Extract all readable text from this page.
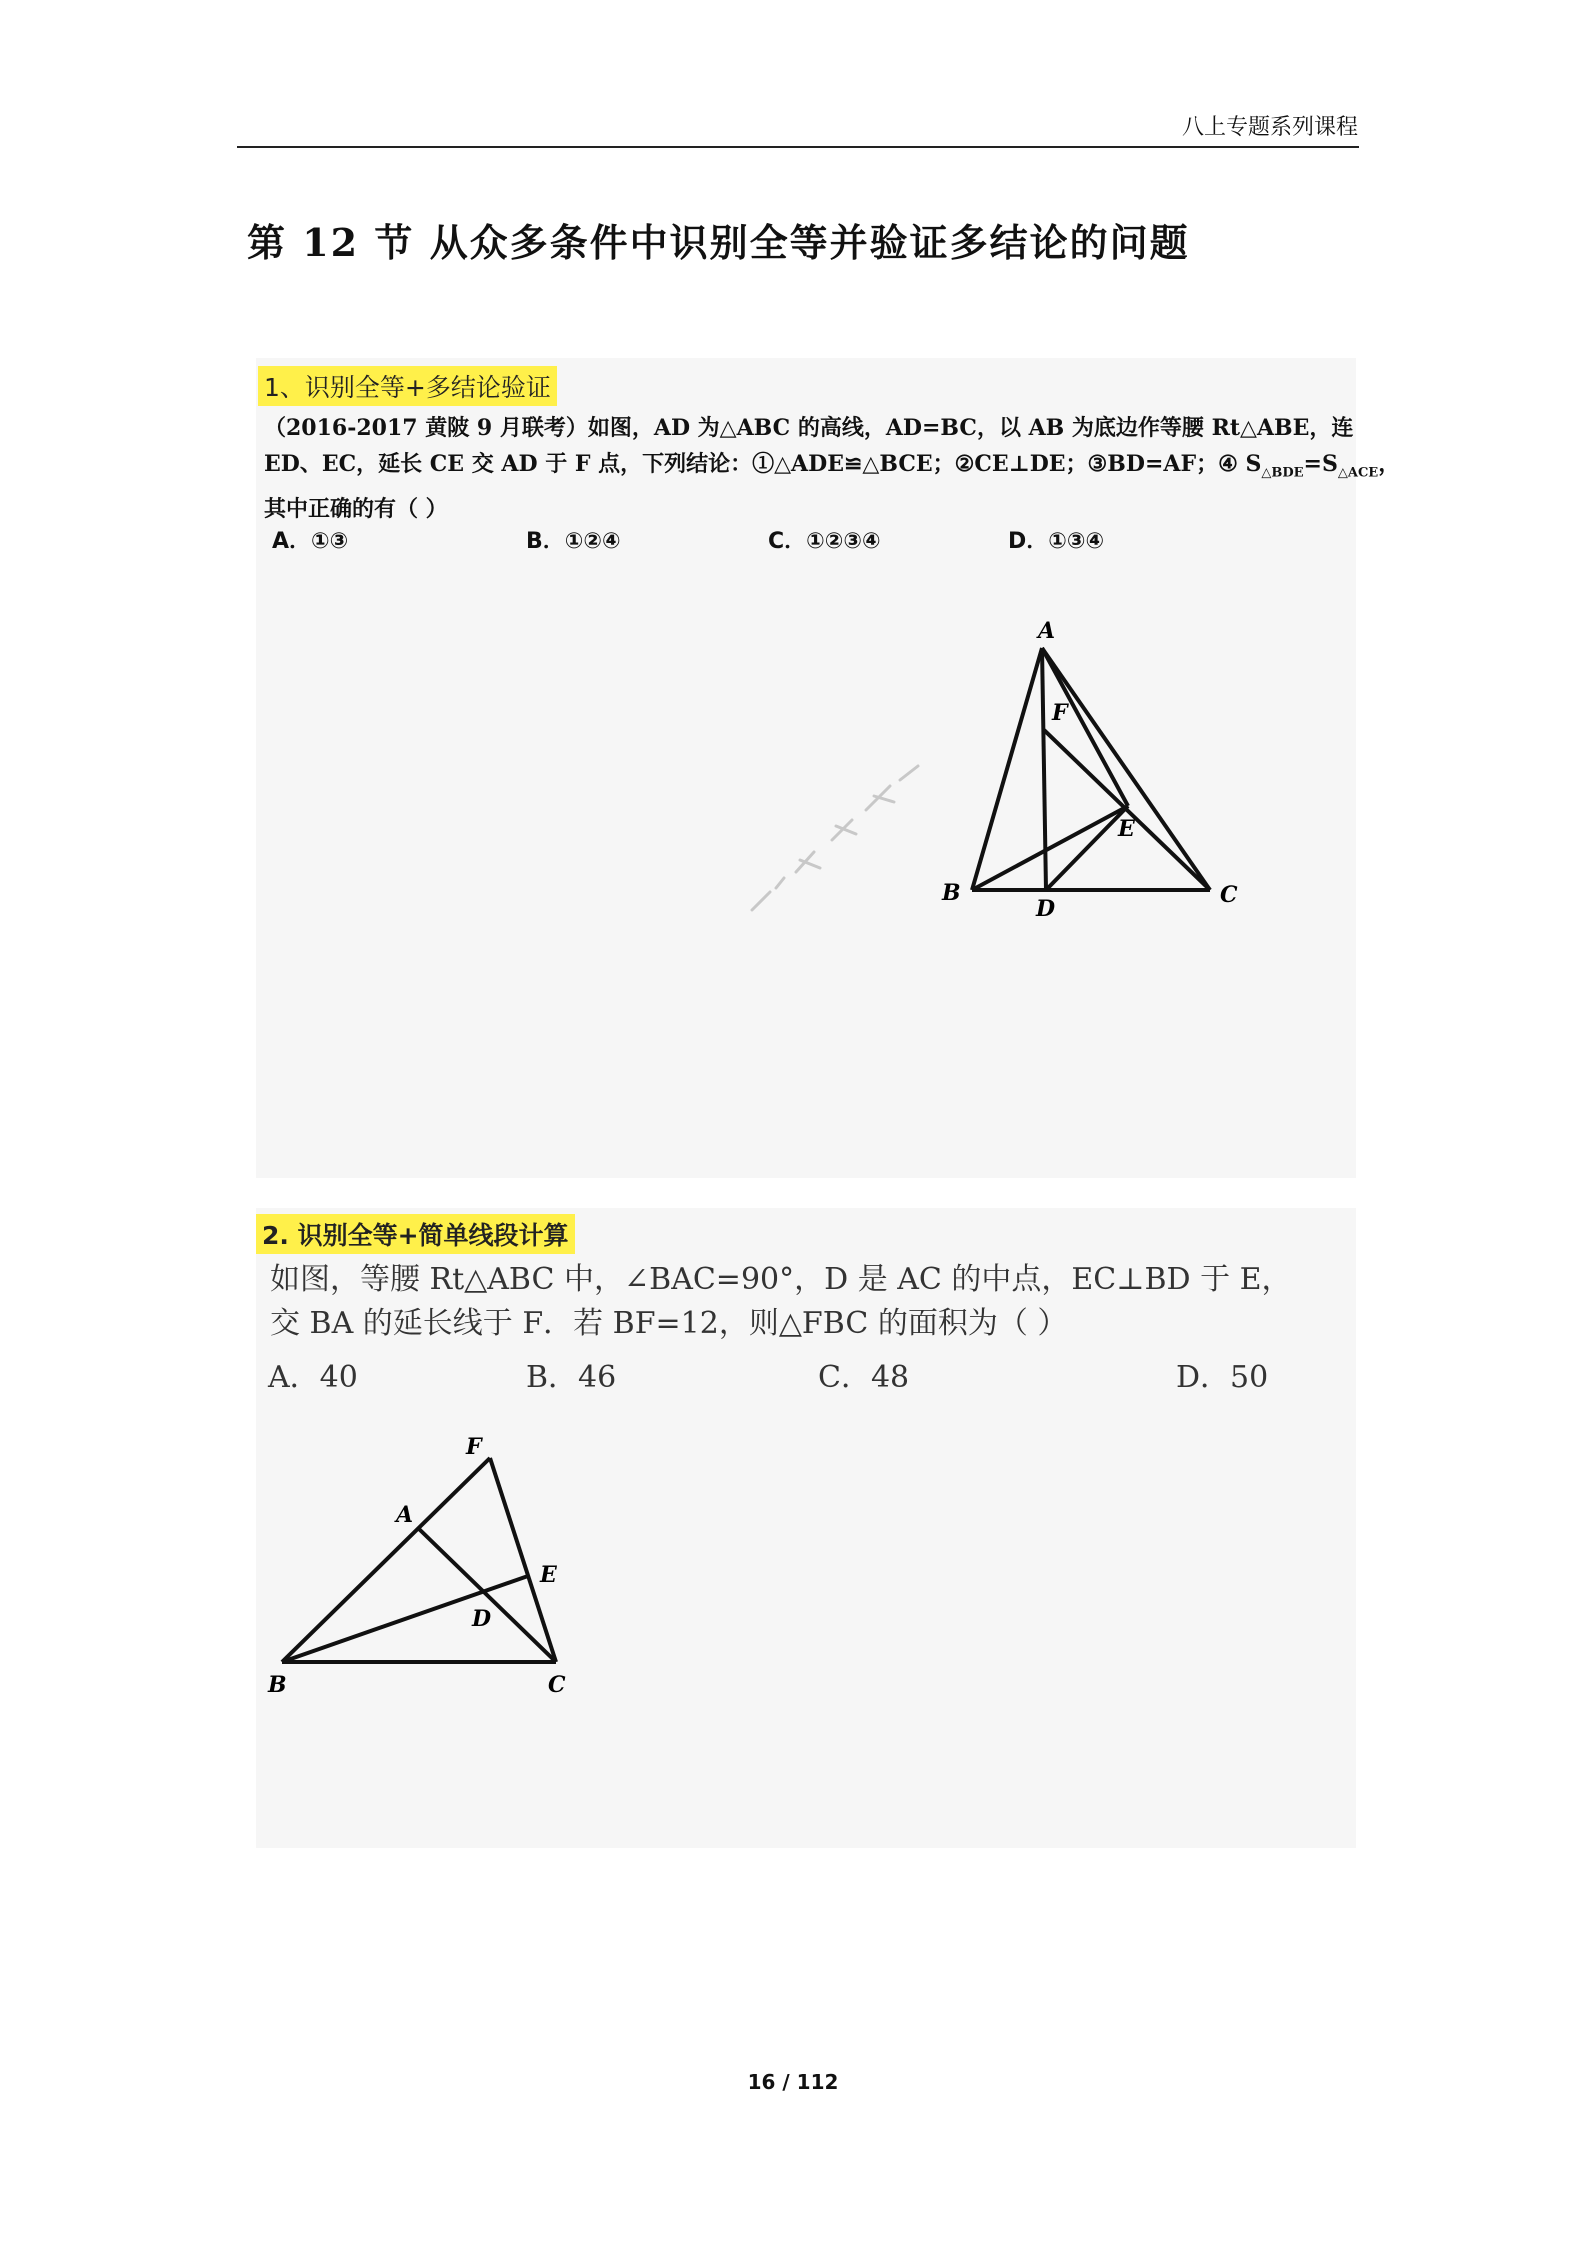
八上专题系列课程
第 12 节 从众多条件中识别全等并验证多结论的问题
1、识别全等+多结论验证

（2016-2017 黄陂 9 月联考）如图，AD 为△ABC 的高线，AD=BC，以 AB 为底边作等腰 Rt△ABE，连

ED、EC，延长 CE 交 AD 于 F 点，下列结论：①△ADE≌△BCE；②CE⊥DE；③BD=AF；④ $S_{\triangle BDE}=S_{\triangle ACE}$，

其中正确的有（ ）

A．①③	B．①②④	C．①②③④	D．①③④
A
F
E
B
D
C
2. 识别全等+简单线段计算

如图，等腰 Rt△ABC 中，∠BAC=90°，D 是 AC 的中点，EC⊥BD 于 E，

交 BA 的延长线于 F．若 BF=12，则△FBC 的面积为（ ）

A．40	B．46	C．48	D．50
F
A
E
D
B	C
16 / 112
